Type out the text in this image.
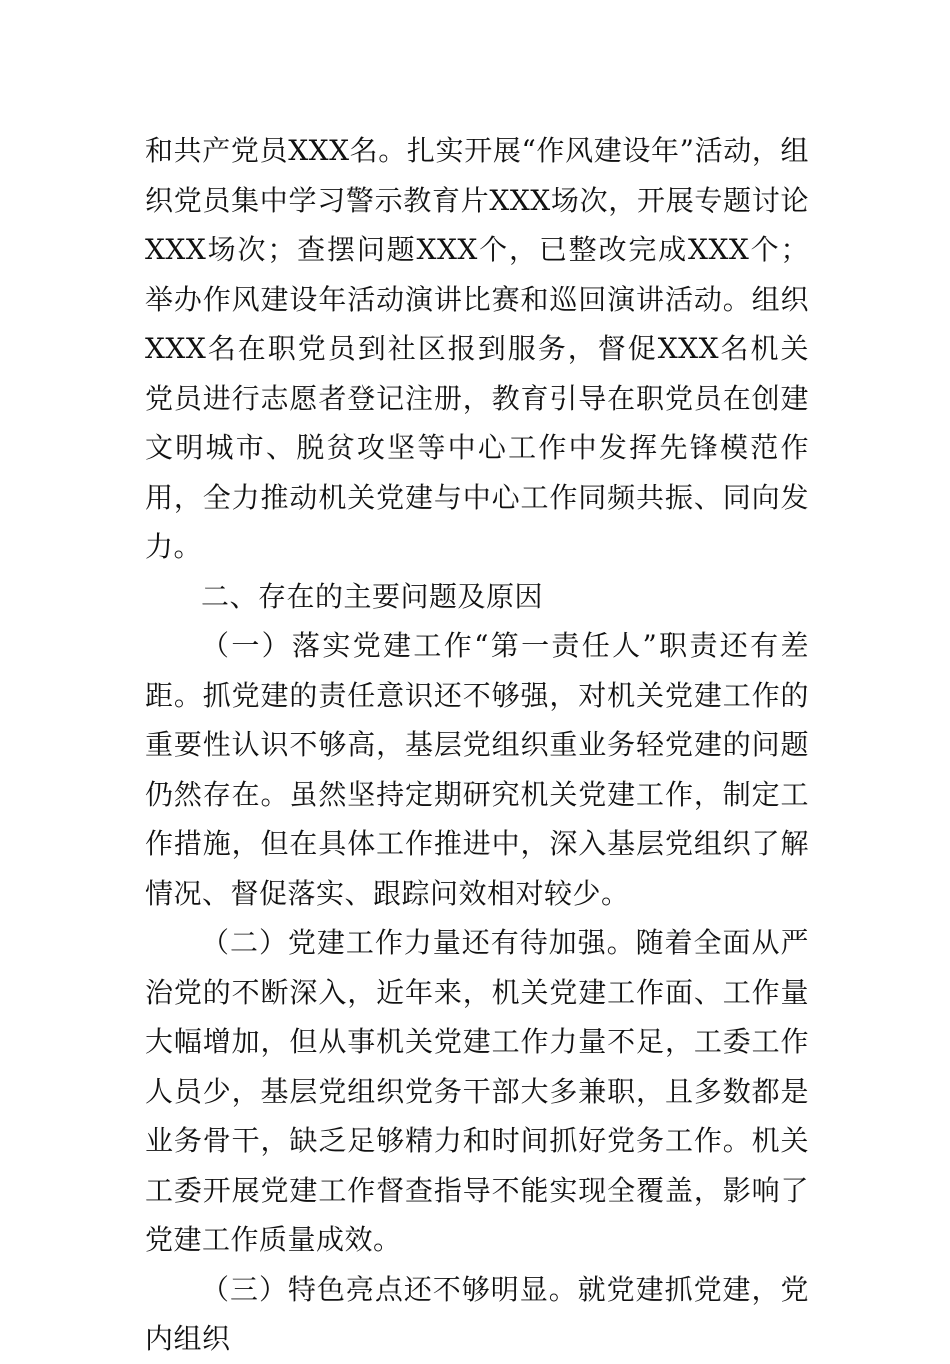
和共产党员XXX名。扎实开展“作风建设年”活动，组织党员集中学习警示教育片XXX场次，开展专题讨论XXX场次；查摆问题XXX个，已整改完成XXX个；举办作风建设年活动演讲比赛和巡回演讲活动。组织XXX名在职党员到社区报到服务，督促XXX名机关党员进行志愿者登记注册，教育引导在职党员在创建文明城市、脱贫攻坚等中心工作中发挥先锋模范作用，全力推动机关党建与中心工作同频共振、同向发力。

二、存在的主要问题及原因

（一）落实党建工作“第一责任人”职责还有差距。抓党建的责任意识还不够强，对机关党建工作的重要性认识不够高，基层党组织重业务轻党建的问题仍然存在。虽然坚持定期研究机关党建工作，制定工作措施，但在具体工作推进中，深入基层党组织了解情况、督促落实、跟踪问效相对较少。

（二）党建工作力量还有待加强。随着全面从严治党的不断深入，近年来，机关党建工作面、工作量大幅增加，但从事机关党建工作力量不足，工委工作人员少，基层党组织党务干部大多兼职，且多数都是业务骨干，缺乏足够精力和时间抓好党务工作。机关工委开展党建工作督查指导不能实现全覆盖，影响了党建工作质量成效。

（三）特色亮点还不够明显。就党建抓党建，党内组织
